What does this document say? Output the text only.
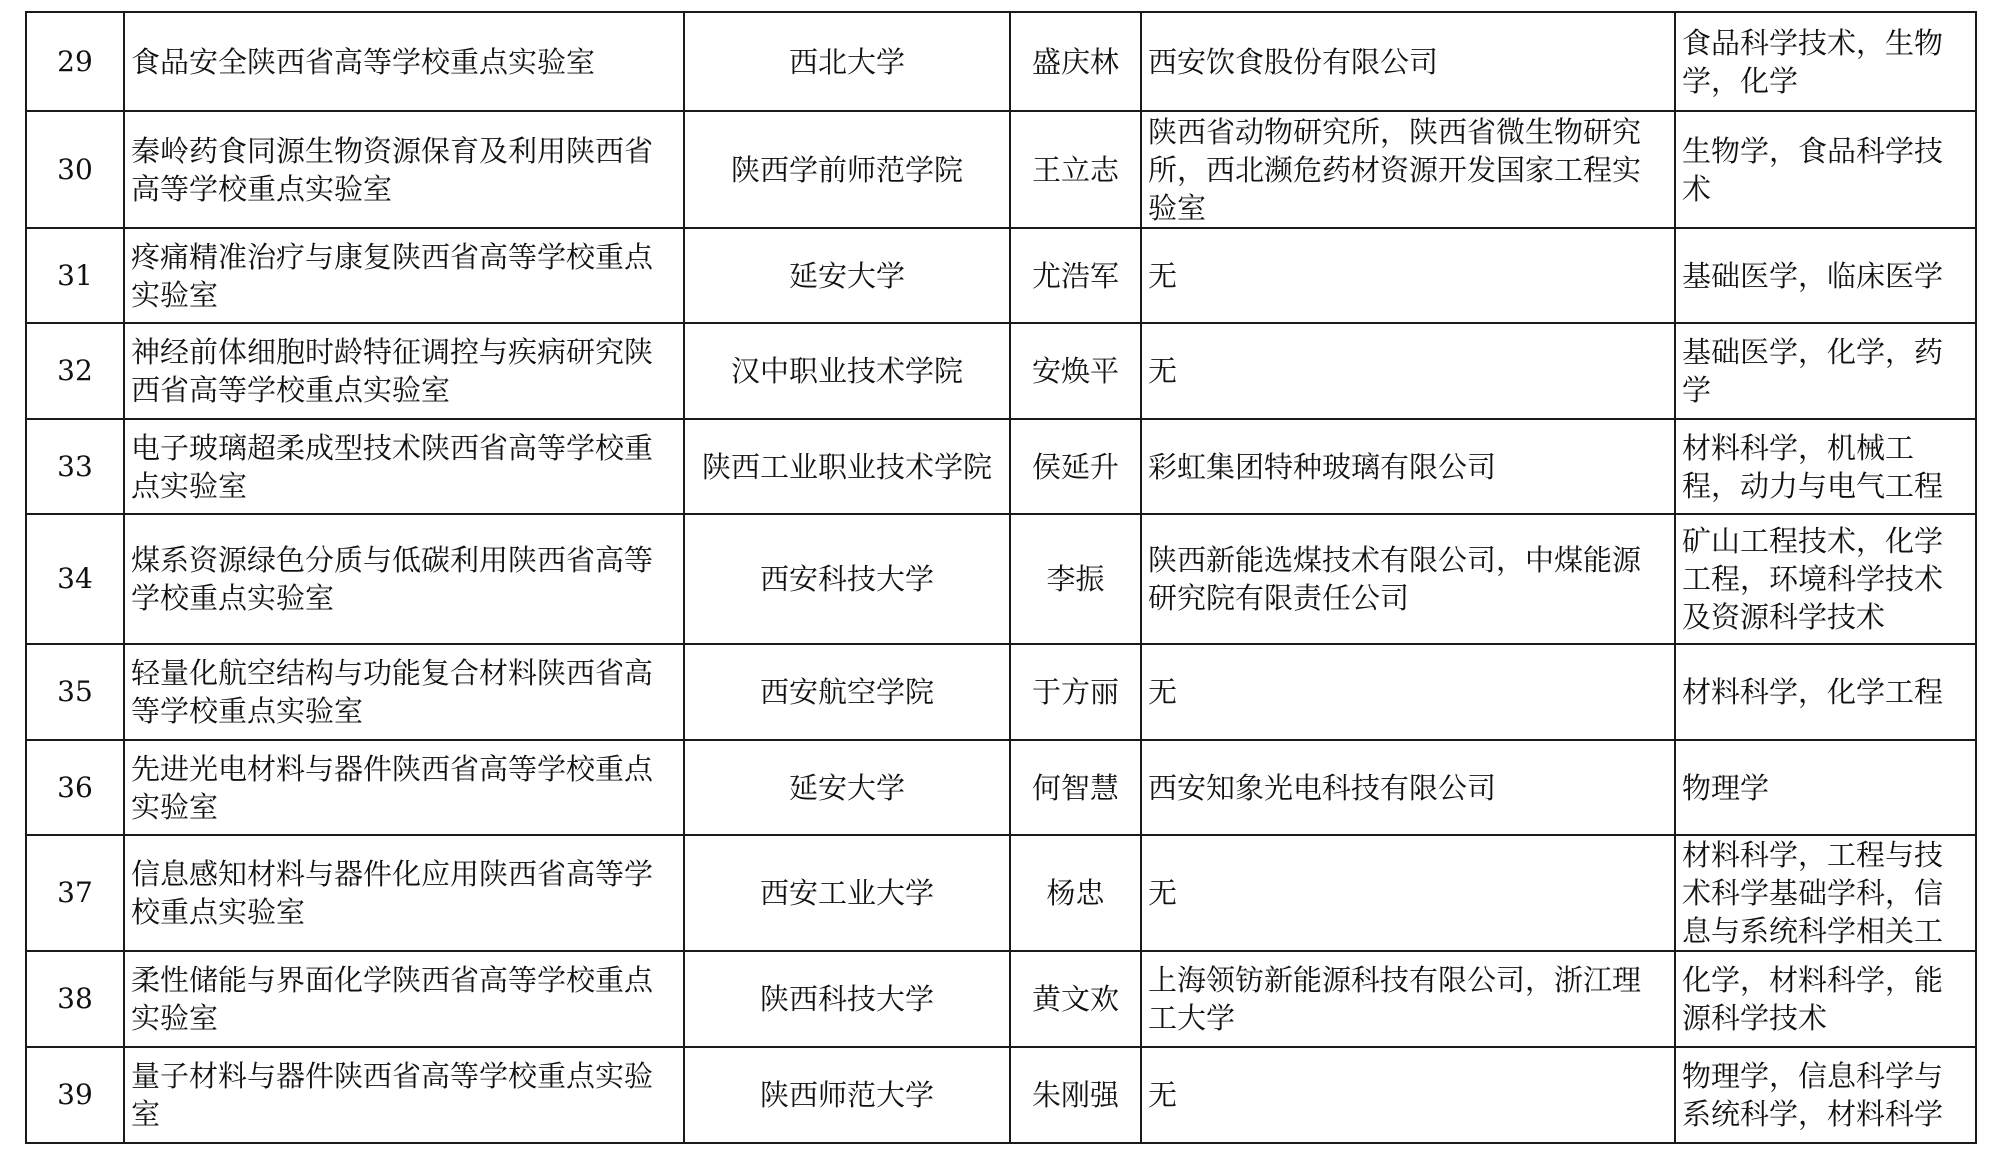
29	食品安全陕西省高等学校重点实验室	西北大学	盛庆林	西安饮食股份有限公司	食品科学技术，生物学，化学

30	秦岭药食同源生物资源保育及利用陕西省高等学校重点实验室	陕西学前师范学院	王立志	陕西省动物研究所，陕西省微生物研究所，西北濒危药材资源开发国家工程实验室	生物学，食品科学技术

31	疼痛精准治疗与康复陕西省高等学校重点实验室	延安大学	尤浩军	无	基础医学，临床医学

32	神经前体细胞时龄特征调控与疾病研究陕西省高等学校重点实验室	汉中职业技术学院	安焕平	无	基础医学，化学，药学

33	电子玻璃超柔成型技术陕西省高等学校重点实验室	陕西工业职业技术学院	侯延升	彩虹集团特种玻璃有限公司	材料科学，机械工程，动力与电气工程

34	煤系资源绿色分质与低碳利用陕西省高等学校重点实验室	西安科技大学	李振	陕西新能选煤技术有限公司，中煤能源研究院有限责任公司	矿山工程技术，化学工程，环境科学技术及资源科学技术

35	轻量化航空结构与功能复合材料陕西省高等学校重点实验室	西安航空学院	于方丽	无	材料科学，化学工程

36	先进光电材料与器件陕西省高等学校重点实验室	延安大学	何智慧	西安知象光电科技有限公司	物理学

37	信息感知材料与器件化应用陕西省高等学校重点实验室	西安工业大学	杨忠	无	材料科学，工程与技术科学基础学科，信息与系统科学相关工

38	柔性储能与界面化学陕西省高等学校重点实验室	陕西科技大学	黄文欢	上海领钫新能源科技有限公司，浙江理工大学	化学，材料科学，能源科学技术

39	量子材料与器件陕西省高等学校重点实验室	陕西师范大学	朱刚强	无	物理学，信息科学与系统科学，材料科学
